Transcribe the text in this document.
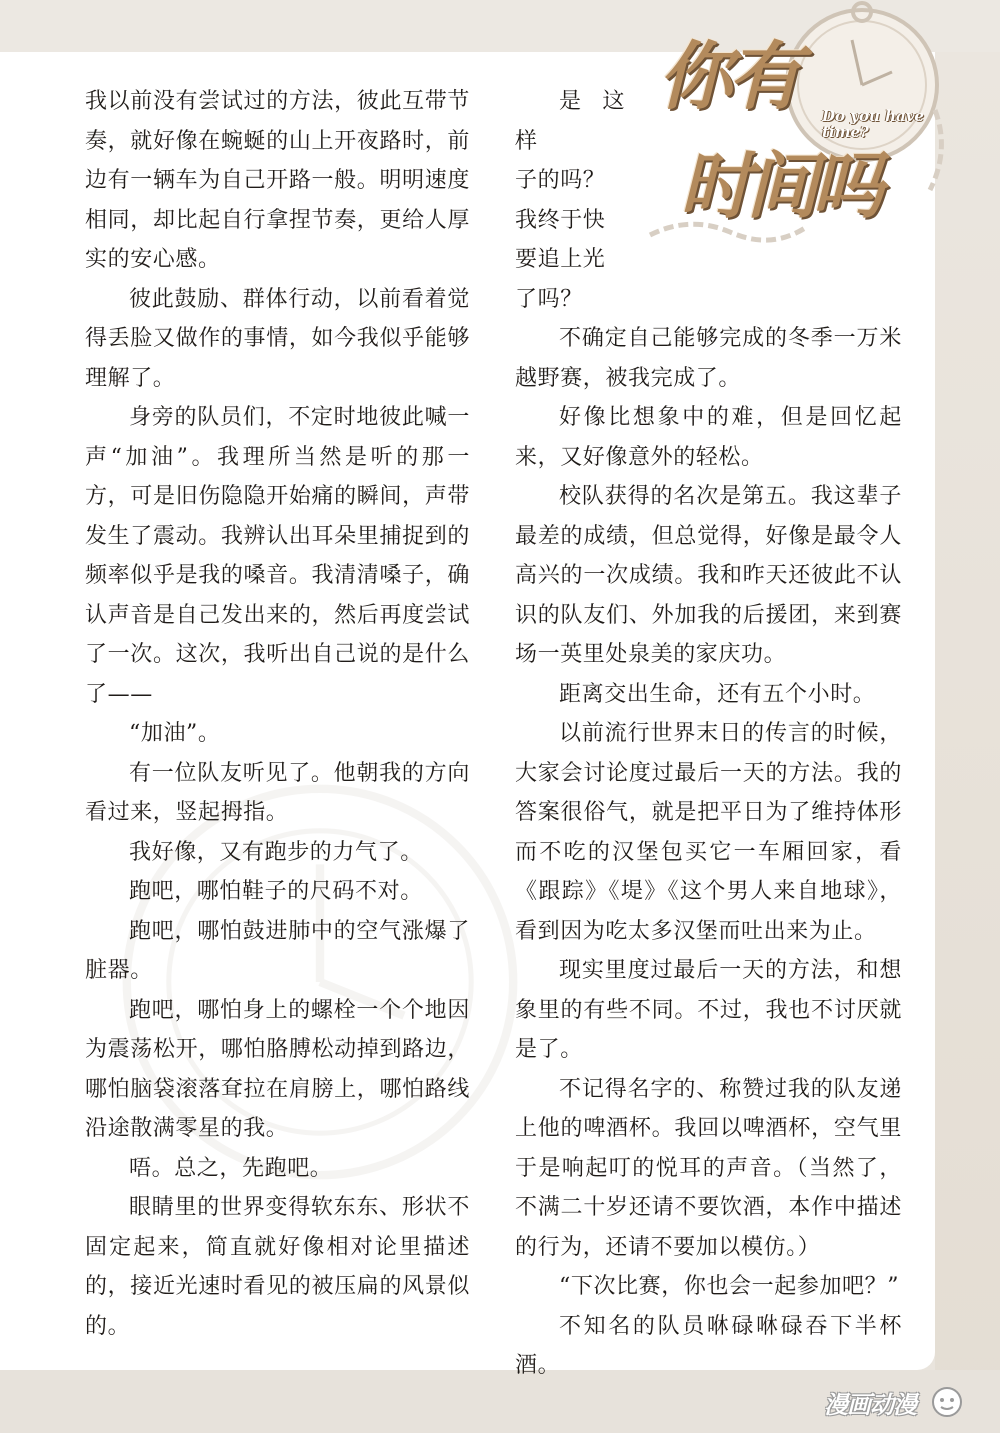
你有
时间吗
Do you have time?

我以前没有尝试过的方法，彼此互带节奏，就好像在蜿蜒的山上开夜路时，前边有一辆车为自己开路一般。明明速度相同，却比起自行拿捏节奏，更给人厚实的安心感。

彼此鼓励、群体行动，以前看着觉得丢脸又做作的事情，如今我似乎能够理解了。

身旁的队员们，不定时地彼此喊一声“加油”。我理所当然是听的那一方，可是旧伤隐隐开始痛的瞬间，声带发生了震动。我辨认出耳朵里捕捉到的频率似乎是我的嗓音。我清清嗓子，确认声音是自己发出来的，然后再度尝试了一次。这次，我听出自己说的是什么了——

“加油”。

有一位队友听见了。他朝我的方向看过来，竖起拇指。

我好像，又有跑步的力气了。

跑吧，哪怕鞋子的尺码不对。

跑吧，哪怕鼓进肺中的空气涨爆了脏器。

跑吧，哪怕身上的螺栓一个个地因为震荡松开，哪怕胳膊松动掉到路边，哪怕脑袋滚落耷拉在肩膀上，哪怕路线沿途散满零星的我。

唔。总之，先跑吧。

眼睛里的世界变得软东东、形状不固定起来，简直就好像相对论里描述的，接近光速时看见的被压扁的风景似的。

是这样

子的吗？

我终于快

要追上光

了吗？

不确定自己能够完成的冬季一万米越野赛，被我完成了。

好像比想象中的难，但是回忆起来，又好像意外的轻松。

校队获得的名次是第五。我这辈子最差的成绩，但总觉得，好像是最令人高兴的一次成绩。我和昨天还彼此不认识的队友们、外加我的后援团，来到赛场一英里处泉美的家庆功。

距离交出生命，还有五个小时。

以前流行世界末日的传言的时候，大家会讨论度过最后一天的方法。我的答案很俗气，就是把平日为了维持体形而不吃的汉堡包买它一车厢回家，看《跟踪》《堤》《这个男人来自地球》，看到因为吃太多汉堡而吐出来为止。

现实里度过最后一天的方法，和想象里的有些不同。不过，我也不讨厌就是了。

不记得名字的、称赞过我的队友递上他的啤酒杯。我回以啤酒杯，空气里于是响起叮的悦耳的声音。（当然了，不满二十岁还请不要饮酒，本作中描述的行为，还请不要加以模仿。）

“下次比赛，你也会一起参加吧？”

不知名的队员咻碌咻碌吞下半杯酒。

漫画动漫
